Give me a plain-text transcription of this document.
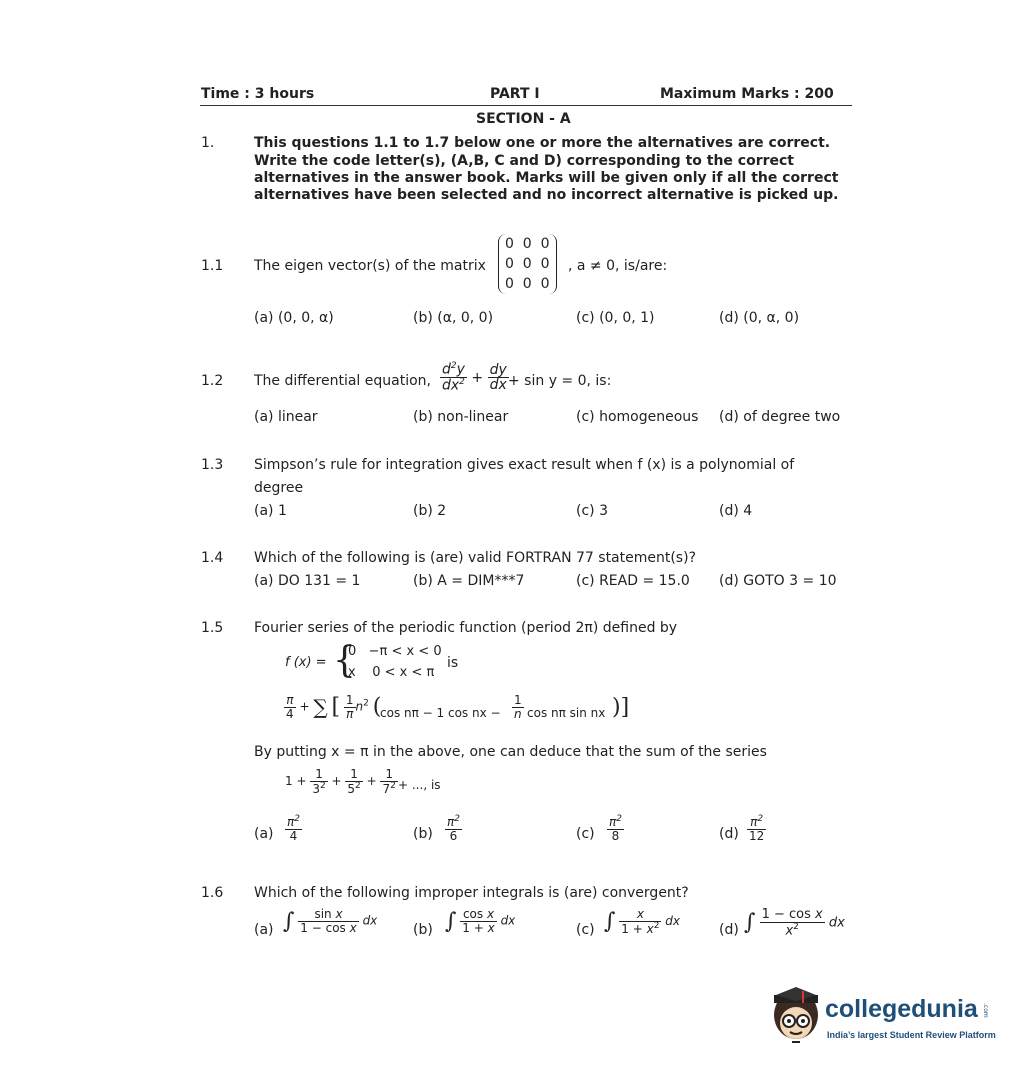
Time : 3 hours	PART I	Maximum Marks : 200
SECTION - A
1.	This questions 1.1 to 1.7 below one or more the alternatives are correct.
Write the code letter(s), (A,B, C and D) corresponding to the correct
alternatives in the answer book. Marks will be given only if all the correct
alternatives have been selected and no incorrect alternative is picked up.
1.1 The eigen vector(s) of the matrix
0  0  0
0  0  0
0  0  0
, a ≠ 0, is/are:
(a) (0, 0, α)	(b) (α, 0, 0)	(c) (0, 0, 1)	(d) (0, α, 0)
1.2 The differential equation, $\frac{d^2y}{dx^2} + \frac{dy}{dx} + \sin y = 0$, is:
(a) linear	(b) non-linear	(c) homogeneous (d) of degree two
1.3 Simpson’s rule for integration gives exact result when f (x) is a polynomial of
degree
(a) 1	(b) 2	(c) 3	(d) 4
1.4 Which of the following is (are) valid FORTRAN 77 statement(s)?
(a) DO 131 = 1	(b) A = DIM***7	(c) READ = 15.0 (d) GOTO 3 = 10
1.5 Fourier series of the periodic function (period 2π) defined by
f (x) = {
0   −π < x < 0
x    0 < x < π
is
$\frac{\pi}{4}$ + ∑ [ $\frac{1}{\pi} n^2$ (
cos nπ − 1 cos nx − $\frac{1}{n}$ cos nπ sin nx )]
By putting x = π in the above, one can deduce that the sum of the series
$1 + \frac{1}{3^2} + \frac{1}{5^2} + \frac{1}{7^2}$ + ..., is
$(a) \frac{\pi^2}{4}$	$(b) \frac{\pi^2}{6}$	$(c) \frac{\pi^2}{8}$	$(d) \frac{\pi^2}{12}$
1.6 Which of the following improper integrals is (are) convergent?
(a) ∫ $\frac{\text{sin x}}{\text{1 − cos x}}$ dx
(b) ∫ $\frac{\text{cos x}}{1 + x}$ dx
(c) ∫ $\frac{x}{1 + x^2}$ dx
(d) ∫ $\frac{\text{1 − cos x}}{x^2}$ dx
collegedunia .com
India’s largest Student Review Platform
